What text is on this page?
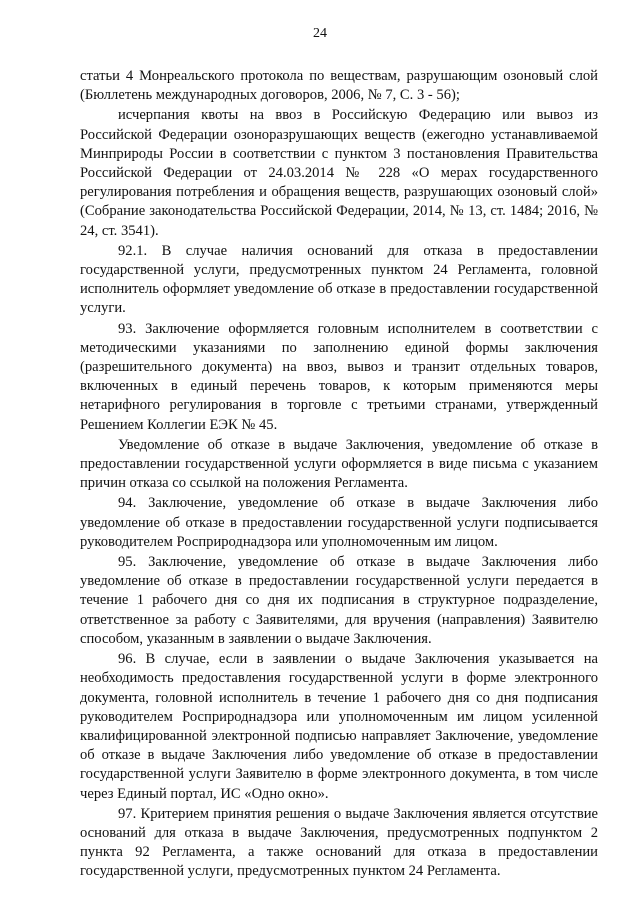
24

статьи 4 Монреальского протокола по веществам, разрушающим озоновый слой (Бюллетень международных договоров, 2006, № 7, С. 3 - 56);

исчерпания квоты на ввоз в Российскую Федерацию или вывоз из Российской Федерации озоноразрушающих веществ (ежегодно устанавливаемой Минприроды России в соответствии с пунктом 3 постановления Правительства Российской Федерации от 24.03.2014 № 228 «О мерах государственного регулирования потребления и обращения веществ, разрушающих озоновый слой» (Собрание законодательства Российской Федерации, 2014, № 13, ст. 1484; 2016, № 24, ст. 3541).

92.1. В случае наличия оснований для отказа в предоставлении государственной услуги, предусмотренных пунктом 24 Регламента, головной исполнитель оформляет уведомление об отказе в предоставлении государственной услуги.

93. Заключение оформляется головным исполнителем в соответствии с методическими указаниями по заполнению единой формы заключения (разрешительного документа) на ввоз, вывоз и транзит отдельных товаров, включенных в единый перечень товаров, к которым применяются меры нетарифного регулирования в торговле с третьими странами, утвержденный Решением Коллегии ЕЭК № 45.

Уведомление об отказе в выдаче Заключения, уведомление об отказе в предоставлении государственной услуги оформляется в виде письма с указанием причин отказа со ссылкой на положения Регламента.

94. Заключение, уведомление об отказе в выдаче Заключения либо уведомление об отказе в предоставлении государственной услуги подписывается руководителем Росприроднадзора или уполномоченным им лицом.

95. Заключение, уведомление об отказе в выдаче Заключения либо уведомление об отказе в предоставлении государственной услуги передается в течение 1 рабочего дня со дня их подписания в структурное подразделение, ответственное за работу с Заявителями, для вручения (направления) Заявителю способом, указанным в заявлении о выдаче Заключения.

96. В случае, если в заявлении о выдаче Заключения указывается на необходимость предоставления государственной услуги в форме электронного документа, головной исполнитель в течение 1 рабочего дня со дня подписания руководителем Росприроднадзора или уполномоченным им лицом усиленной квалифицированной электронной подписью направляет Заключение, уведомление об отказе в выдаче Заключения либо уведомление об отказе в предоставлении государственной услуги Заявителю в форме электронного документа, в том числе через Единый портал, ИС «Одно окно».

97. Критерием принятия решения о выдаче Заключения является отсутствие оснований для отказа в выдаче Заключения, предусмотренных подпунктом 2 пункта 92 Регламента, а также оснований для отказа в предоставлении государственной услуги, предусмотренных пунктом 24 Регламента.
